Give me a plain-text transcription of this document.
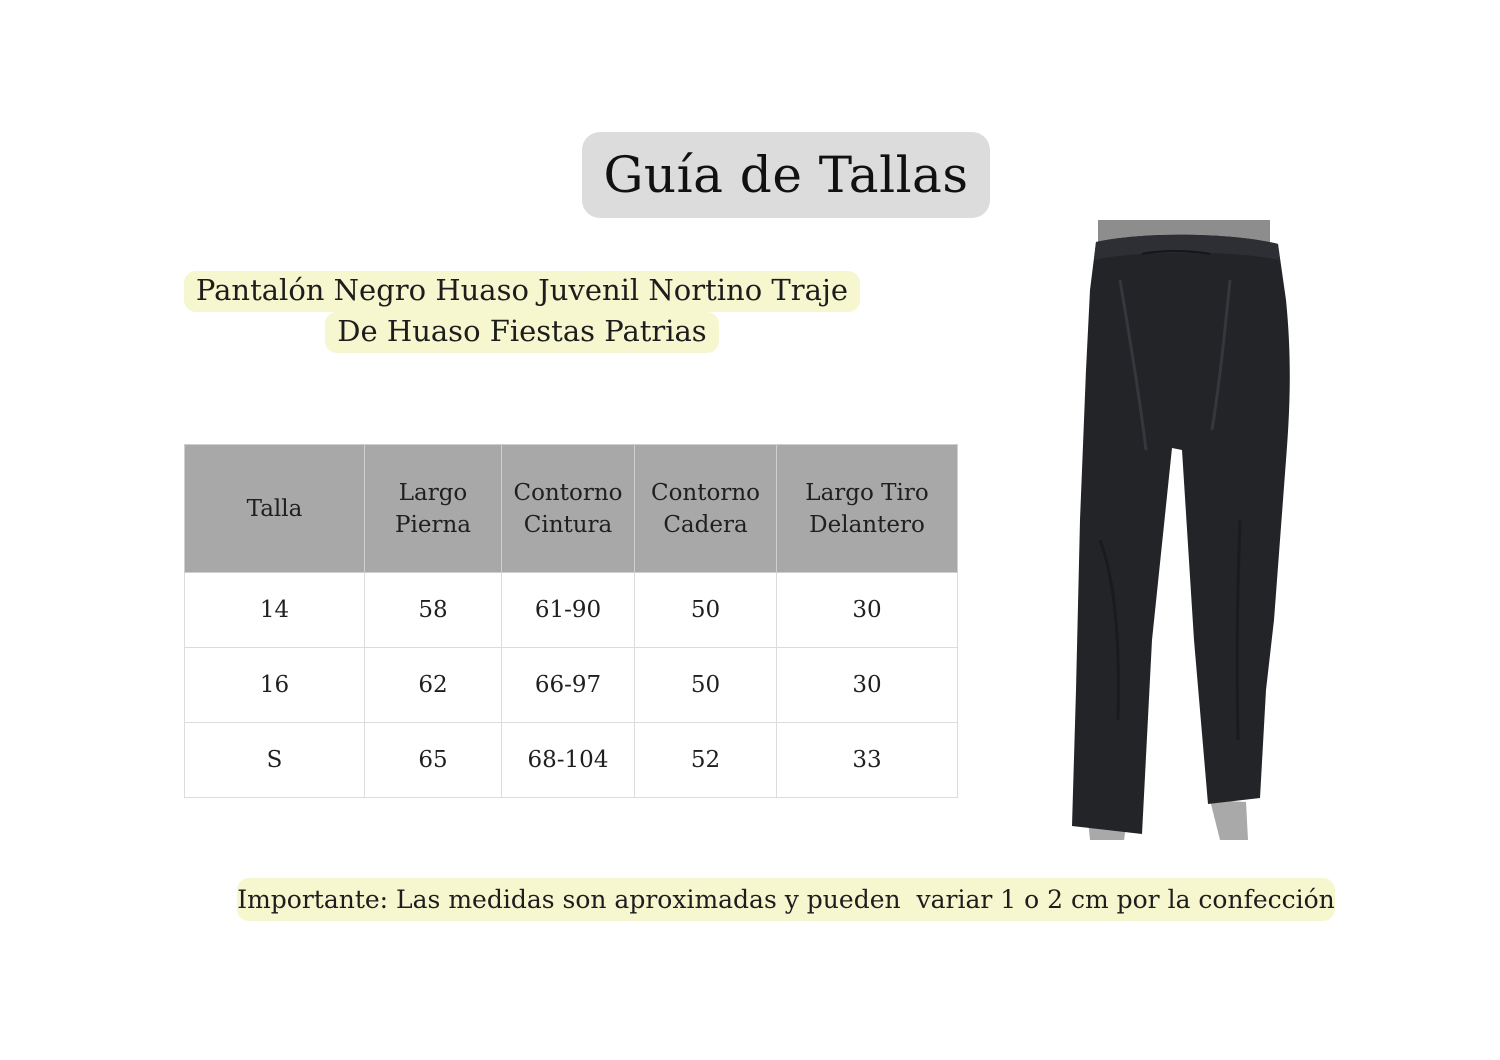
Guía de Tallas
Pantalón Negro Huaso Juvenil Nortino Traje De Huaso Fiestas Patrias
Talla	Largo Pierna	Contorno Cintura	Contorno Cadera	Largo Tiro Delantero
14	58	61-90	50	30
16	62	66-97	50	30
S	65	68-104	52	33
Importante: Las medidas son aproximadas y pueden  variar 1 o 2 cm por la confección
